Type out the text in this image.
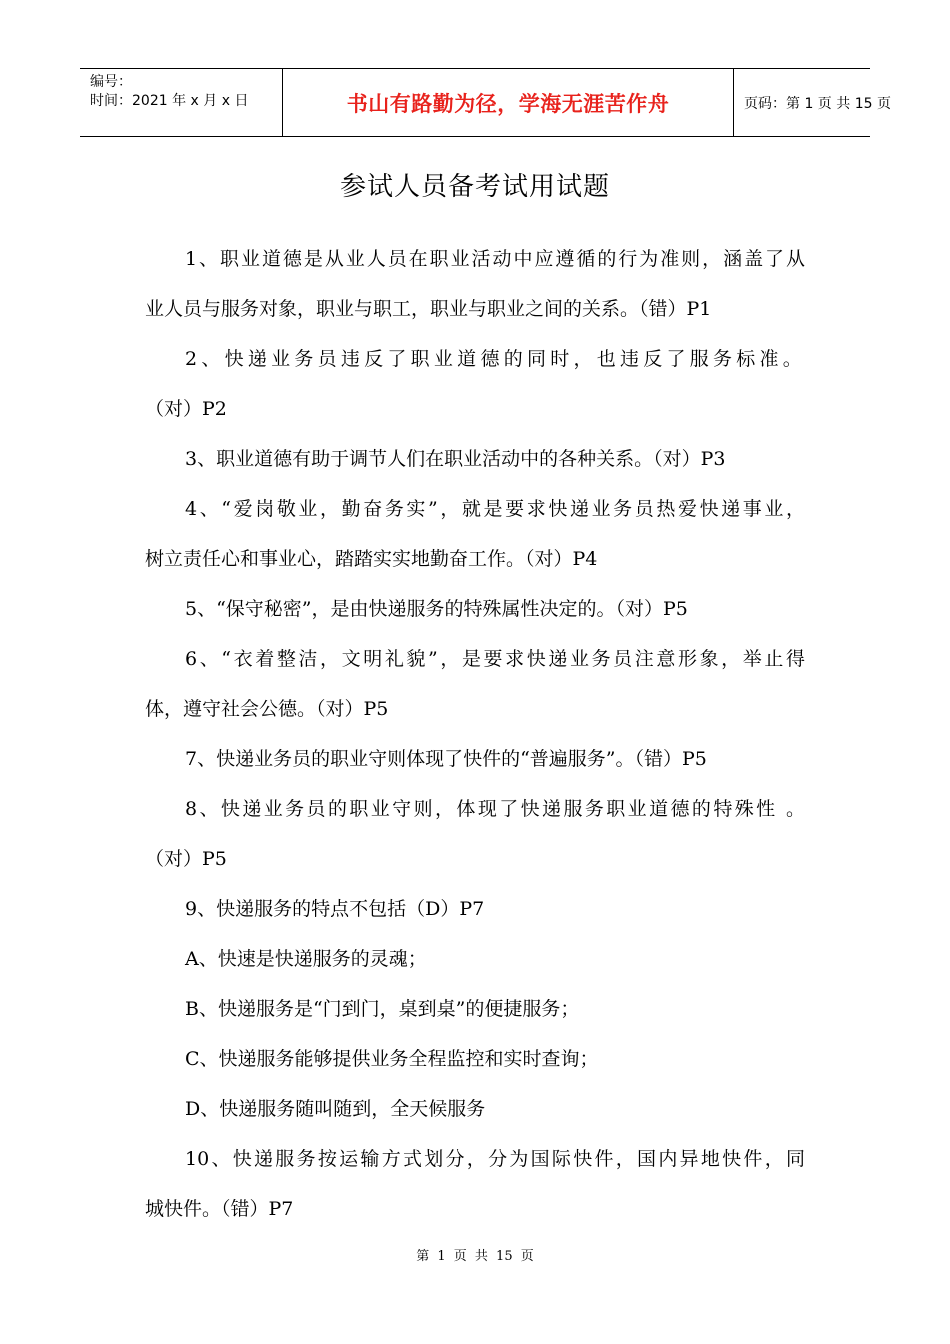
编号：
时间：2021 年 x 月 x 日	书山有路勤为径，学海无涯苦作舟	页码：第 1 页 共 15 页
参试人员备考试用试题
1、职业道德是从业人员在职业活动中应遵循的行为准则，涵盖了从
业人员与服务对象，职业与职工，职业与职业之间的关系。（错）P1
2、快递业务员违反了职业道德的同时，也违反了服务标准。
（对）P2
3、职业道德有助于调节人们在职业活动中的各种关系。（对）P3
4、“爱岗敬业，勤奋务实”，就是要求快递业务员热爱快递事业，
树立责任心和事业心，踏踏实实地勤奋工作。（对）P4
5、“保守秘密”，是由快递服务的特殊属性决定的。（对）P5
6、“衣着整洁，文明礼貌”，是要求快递业务员注意形象，举止得
体，遵守社会公德。（对）P5
7、快递业务员的职业守则体现了快件的“普遍服务”。（错）P5
8、快递业务员的职业守则，体现了快递服务职业道德的特殊性 。
（对）P5
9、快递服务的特点不包括（D）P7
A、快速是快递服务的灵魂；
B、快递服务是“门到门，桌到桌”的便捷服务；
C、快递服务能够提供业务全程监控和实时查询；
D、快递服务随叫随到，全天候服务
10、快递服务按运输方式划分，分为国际快件，国内异地快件，同
城快件。（错）P7
第 1 页 共 15 页
